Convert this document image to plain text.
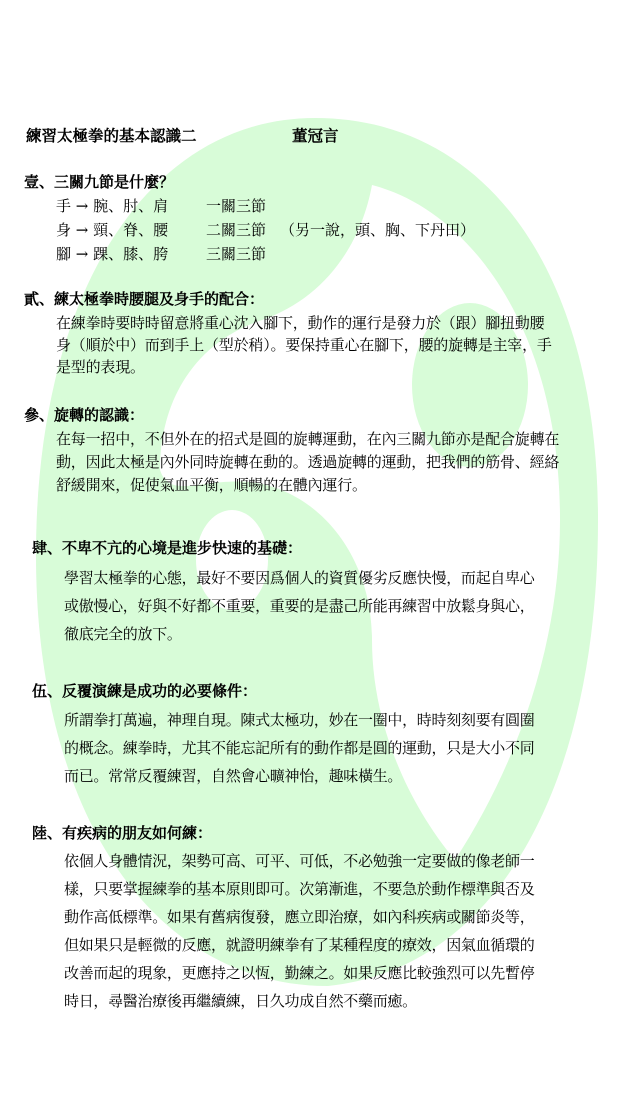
練習太極拳的基本認識二	董冠言
壹、三關九節是什麼？
手 → 腕、肘、肩	一關三節
身 → 頸、脊、腰	二關三節 （另一說，頭、胸、下丹田）
腳 → 踝、膝、胯	三關三節
貳、練太極拳時腰腿及身手的配合：
在練拳時要時時留意將重心沈入腳下，動作的運行是發力於（跟）腳扭動腰
身（順於中）而到手上（型於稍）。要保持重心在腳下，腰的旋轉是主宰，手
是型的表現。
參、旋轉的認識：
在每一招中，不但外在的招式是圓的旋轉運動，在內三關九節亦是配合旋轉在
動，因此太極是內外同時旋轉在動的。透過旋轉的運動，把我們的筋骨、經絡
舒緩開來，促使氣血平衡，順暢的在體內運行。
肆、不卑不亢的心境是進步快速的基礎：
學習太極拳的心態，最好不要因爲個人的資質優劣反應快慢，而起自卑心
或傲慢心，好與不好都不重要，重要的是盡己所能再練習中放鬆身與心，
徹底完全的放下。
伍、反覆演練是成功的必要條件：
所謂拳打萬遍，神理自現。陳式太極功，妙在一圈中，時時刻刻要有圓圈
的概念。練拳時，尤其不能忘記所有的動作都是圓的運動，只是大小不同
而已。常常反覆練習，自然會心曠神怡，趣味橫生。
陸、有疾病的朋友如何練：
依個人身體情況，架勢可高、可平、可低，不必勉強一定要做的像老師一
樣，只要掌握練拳的基本原則即可。次第漸進，不要急於動作標準與否及
動作高低標準。如果有舊病復發，應立即治療，如內科疾病或關節炎等，
但如果只是輕微的反應，就證明練拳有了某種程度的療效，因氣血循環的
改善而起的現象，更應持之以恆，勤練之。如果反應比較強烈可以先暫停
時日，尋醫治療後再繼續練，日久功成自然不藥而癒。
